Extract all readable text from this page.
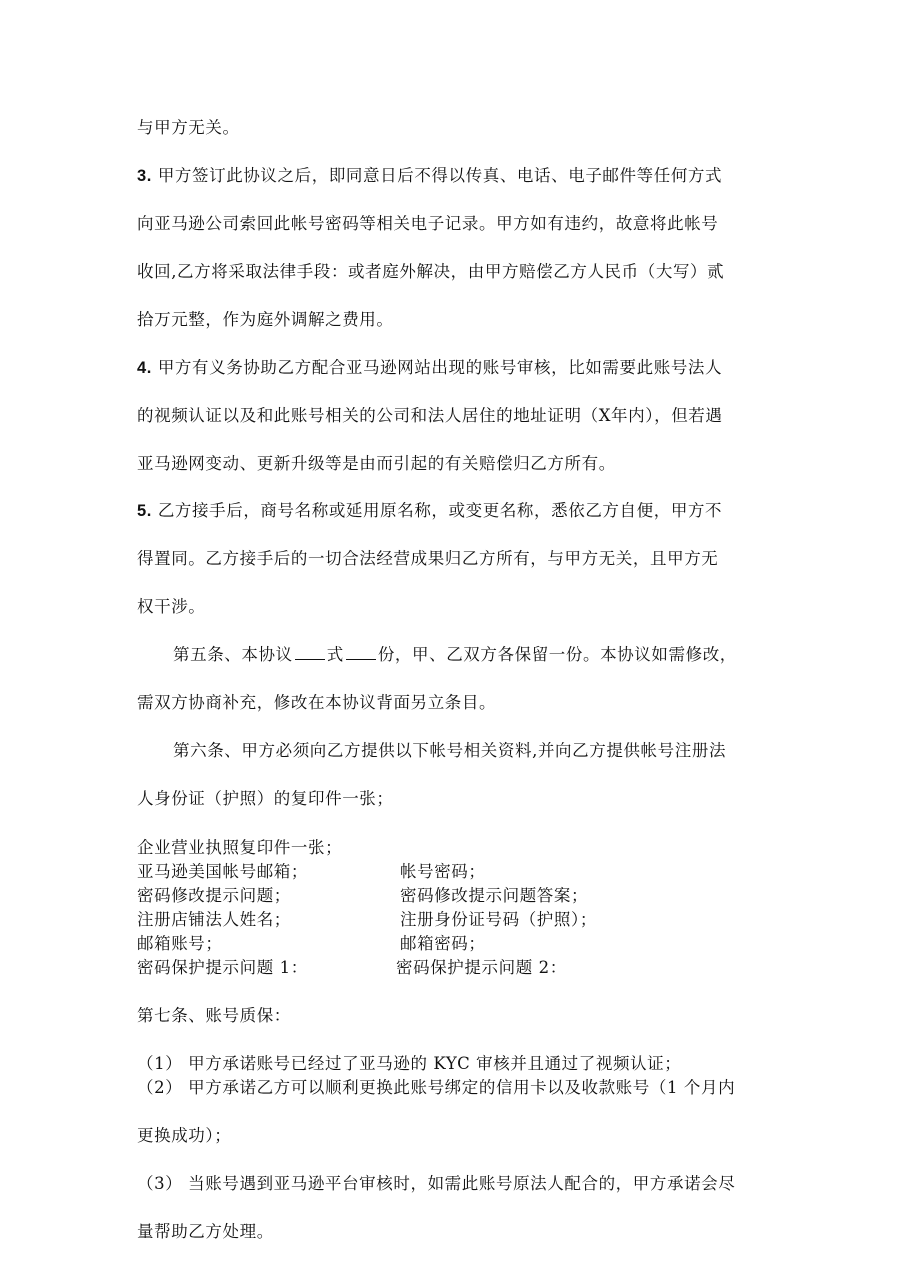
与甲方无关。
3. 甲方签订此协议之后，即同意日后不得以传真、电话、电子邮件等任何方式
向亚马逊公司索回此帐号密码等相关电子记录。甲方如有违约，故意将此帐号
收回,乙方将采取法律手段：或者庭外解决，由甲方赔偿乙方人民币（大写）贰
拾万元整，作为庭外调解之费用。
4. 甲方有义务协助乙方配合亚马逊网站出现的账号审核，比如需要此账号法人
的视频认证以及和此账号相关的公司和法人居住的地址证明（X年内），但若遇
亚马逊网变动、更新升级等是由而引起的有关赔偿归乙方所有。
5. 乙方接手后，商号名称或延用原名称，或变更名称，悉依乙方自便，甲方不
得置同。乙方接手后的一切合法经营成果归乙方所有，与甲方无关，且甲方无
权干涉。
第五条、本协议 式 份，甲、乙双方各保留一份。本协议如需修改，
需双方协商补充，修改在本协议背面另立条目。
第六条、甲方必须向乙方提供以下帐号相关资料,并向乙方提供帐号注册法
人身份证（护照）的复印件一张；
企业营业执照复印件一张；
亚马逊美国帐号邮箱；	帐号密码；
密码修改提示问题；	密码修改提示问题答案；
注册店铺法人姓名；	注册身份证号码（护照）；
邮箱账号；	邮箱密码；
密码保护提示问题 1：	密码保护提示问题 2：
第七条、账号质保：
（1） 甲方承诺账号已经过了亚马逊的 KYC 审核并且通过了视频认证；
（2） 甲方承诺乙方可以顺利更换此账号绑定的信用卡以及收款账号（1 个月内
更换成功）；
（3） 当账号遇到亚马逊平台审核时，如需此账号原法人配合的，甲方承诺会尽
量帮助乙方处理。
